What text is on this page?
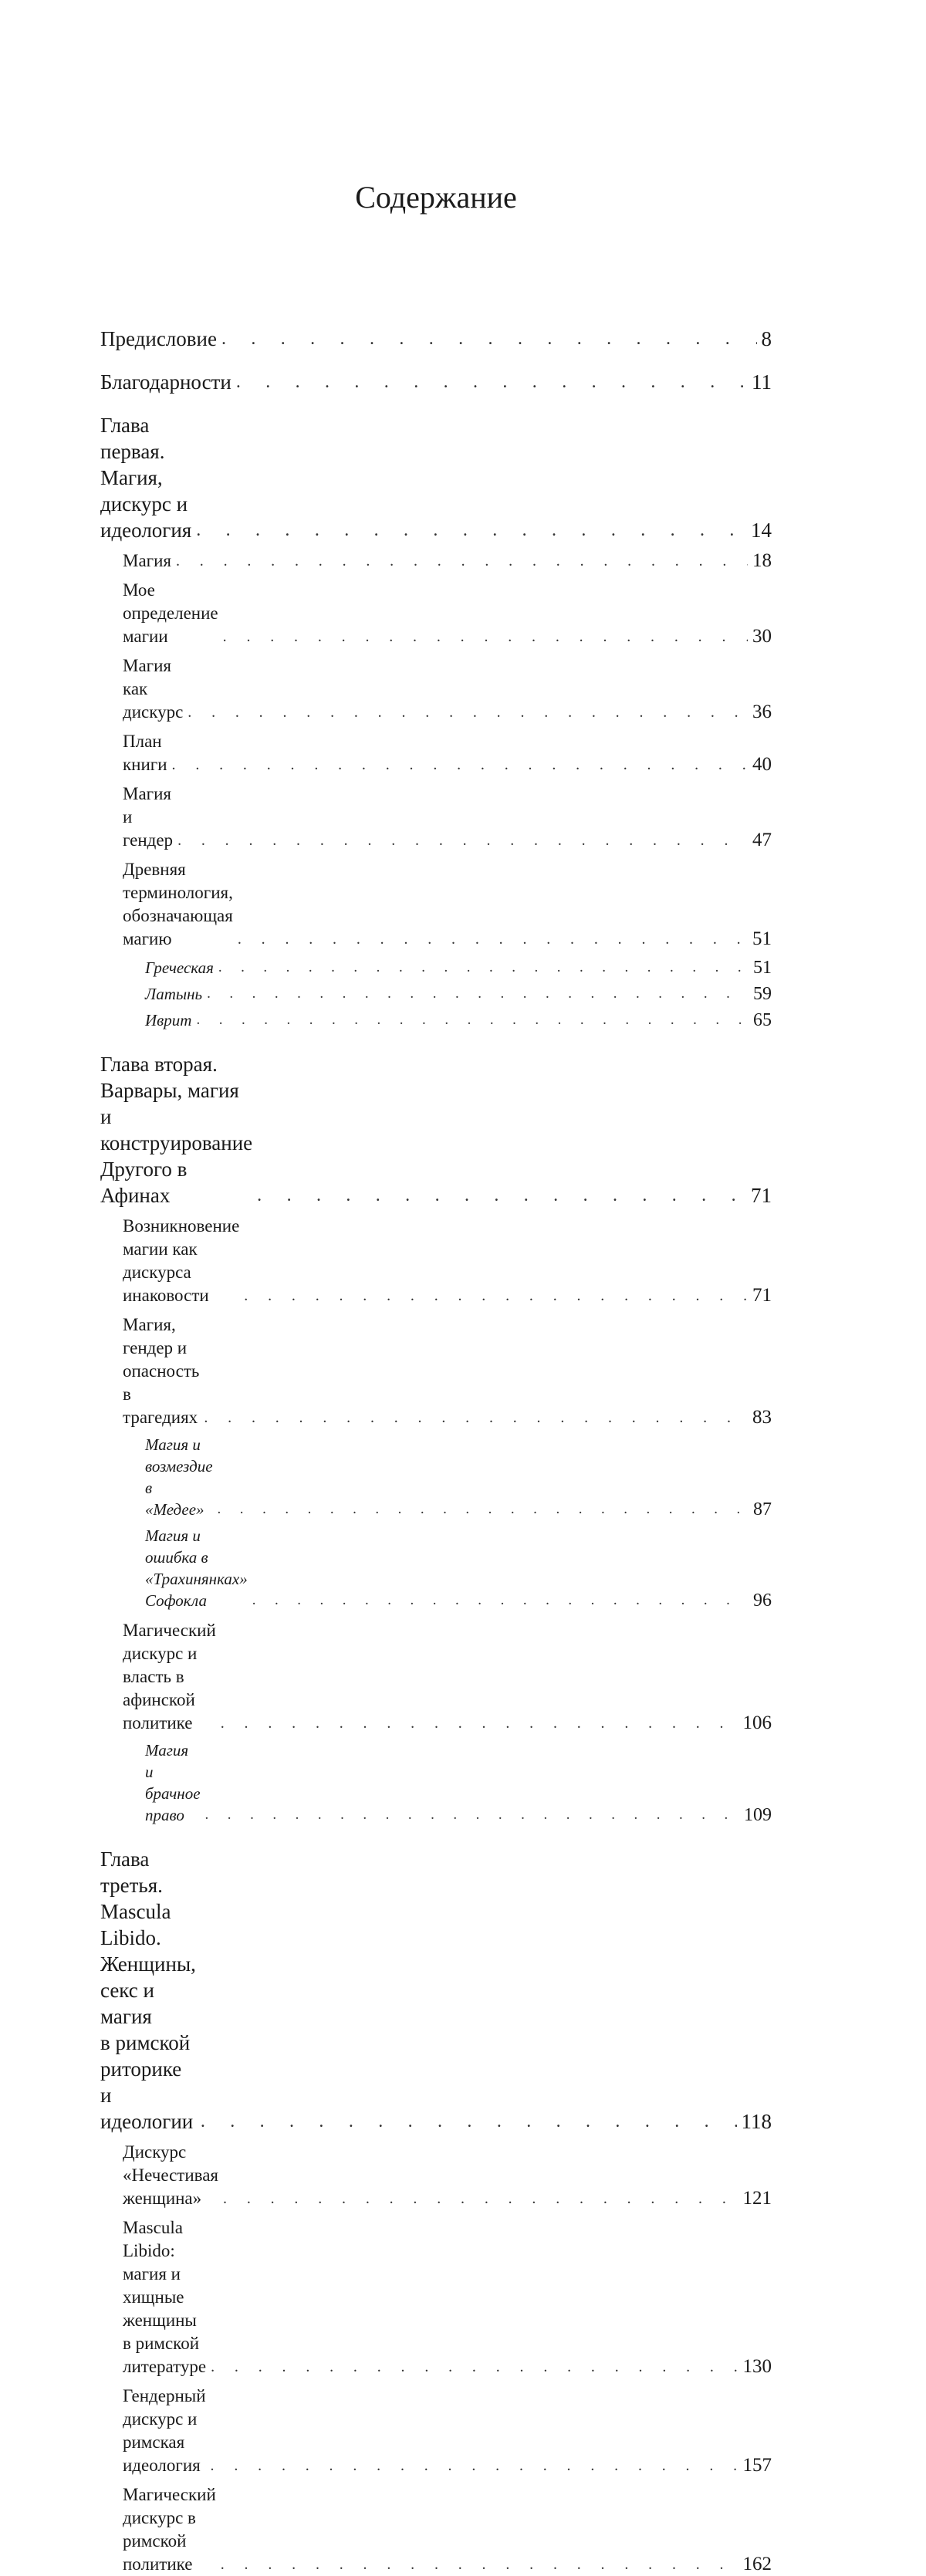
Содержание
Предисловие . . .	8
Благодарности . . .	11
Глава первая. Магия, дискурс и идеология . . .	14
Магия . . .	18
Мое определение магии . . .	30
Магия как дискурс . . .	36
План книги . . .	40
Магия и гендер . . .	47
Древняя терминология, обозначающая магию . . .	51
Греческая . . .	51
Латынь . . .	59
Иврит . . .	65
Глава вторая. Варвары, магия
и конструирование Другого в Афинах . . .	71
Возникновение магии как дискурса инаковости . . .	71
Магия, гендер и опасность в трагедиях . . .	83
Магия и возмездие в «Медее» . . .	87
Магия и ошибка в «Трахинянках» Софокла . . .	96
Магический дискурс и власть в афинской политике . . .	106
Магия и брачное право . . .	109
Глава третья. Mascula Libido. Женщины, секс и магия
в римской риторике и идеологии . . .	118
Дискурс «Нечестивая женщина» . . .	121
Mascula Libido: магия и хищные женщины
в римской литературе . . .	130
Гендерный дискурс и римская идеология . . .	157
Магический дискурс в римской политике . . .	162
